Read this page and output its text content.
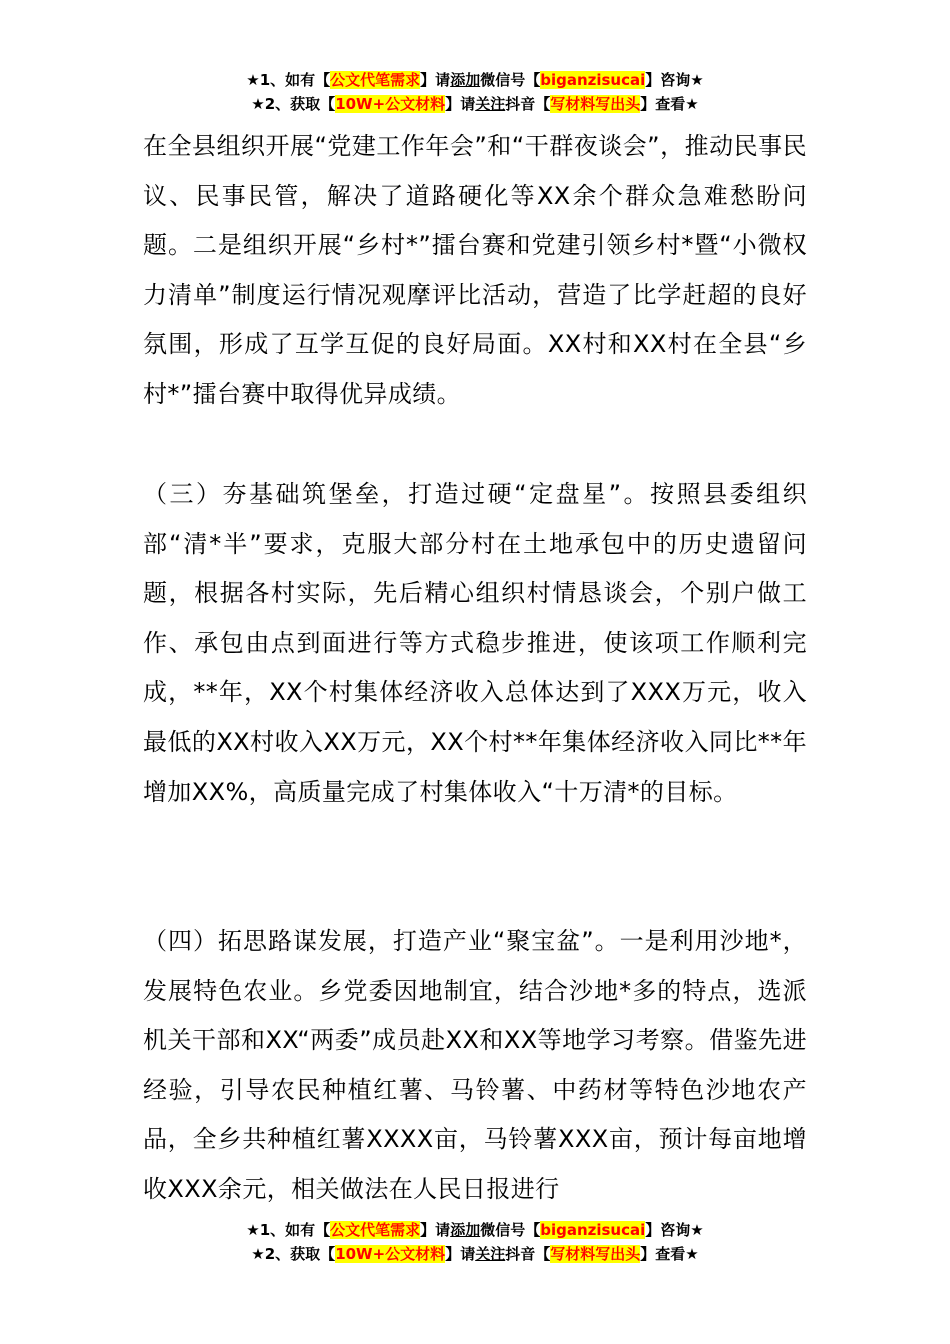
★1、如有【公文代笔需求】请添加微信号【biganzisucai】咨询★
★2、获取【10W+公文材料】请关注抖音【写材料写出头】查看★

在全县组织开展“党建工作年会”和“干群夜谈会”，推动民事民议、民事民管，解决了道路硬化等XX余个群众急难愁盼问题。二是组织开展“乡村*”擂台赛和党建引领乡村*暨“小微权力清单”制度运行情况观摩评比活动，营造了比学赶超的良好氛围，形成了互学互促的良好局面。XX村和XX村在全县“乡村*”擂台赛中取得优异成绩。

（三）夯基础筑堡垒，打造过硬“定盘星”。按照县委组织部“清*半”要求，克服大部分村在土地承包中的历史遗留问题，根据各村实际，先后精心组织村情恳谈会，个别户做工作、承包由点到面进行等方式稳步推进，使该项工作顺利完成，**年，XX个村集体经济收入总体达到了XXX万元，收入最低的XX村收入XX万元，XX个村**年集体经济收入同比**年增加XX%，高质量完成了村集体收入“十万清*的目标。

（四）拓思路谋发展，打造产业“聚宝盆”。一是利用沙地*，发展特色农业。乡党委因地制宜，结合沙地*多的特点，选派机关干部和XX“两委”成员赴XX和XX等地学习考察。借鉴先进经验，引导农民种植红薯、马铃薯、中药材等特色沙地农产品，全乡共种植红薯XXXX亩，马铃薯XXX亩，预计每亩地增收XXX余元，相关做法在人民日报进行

★1、如有【公文代笔需求】请添加微信号【biganzisucai】咨询★
★2、获取【10W+公文材料】请关注抖音【写材料写出头】查看★
